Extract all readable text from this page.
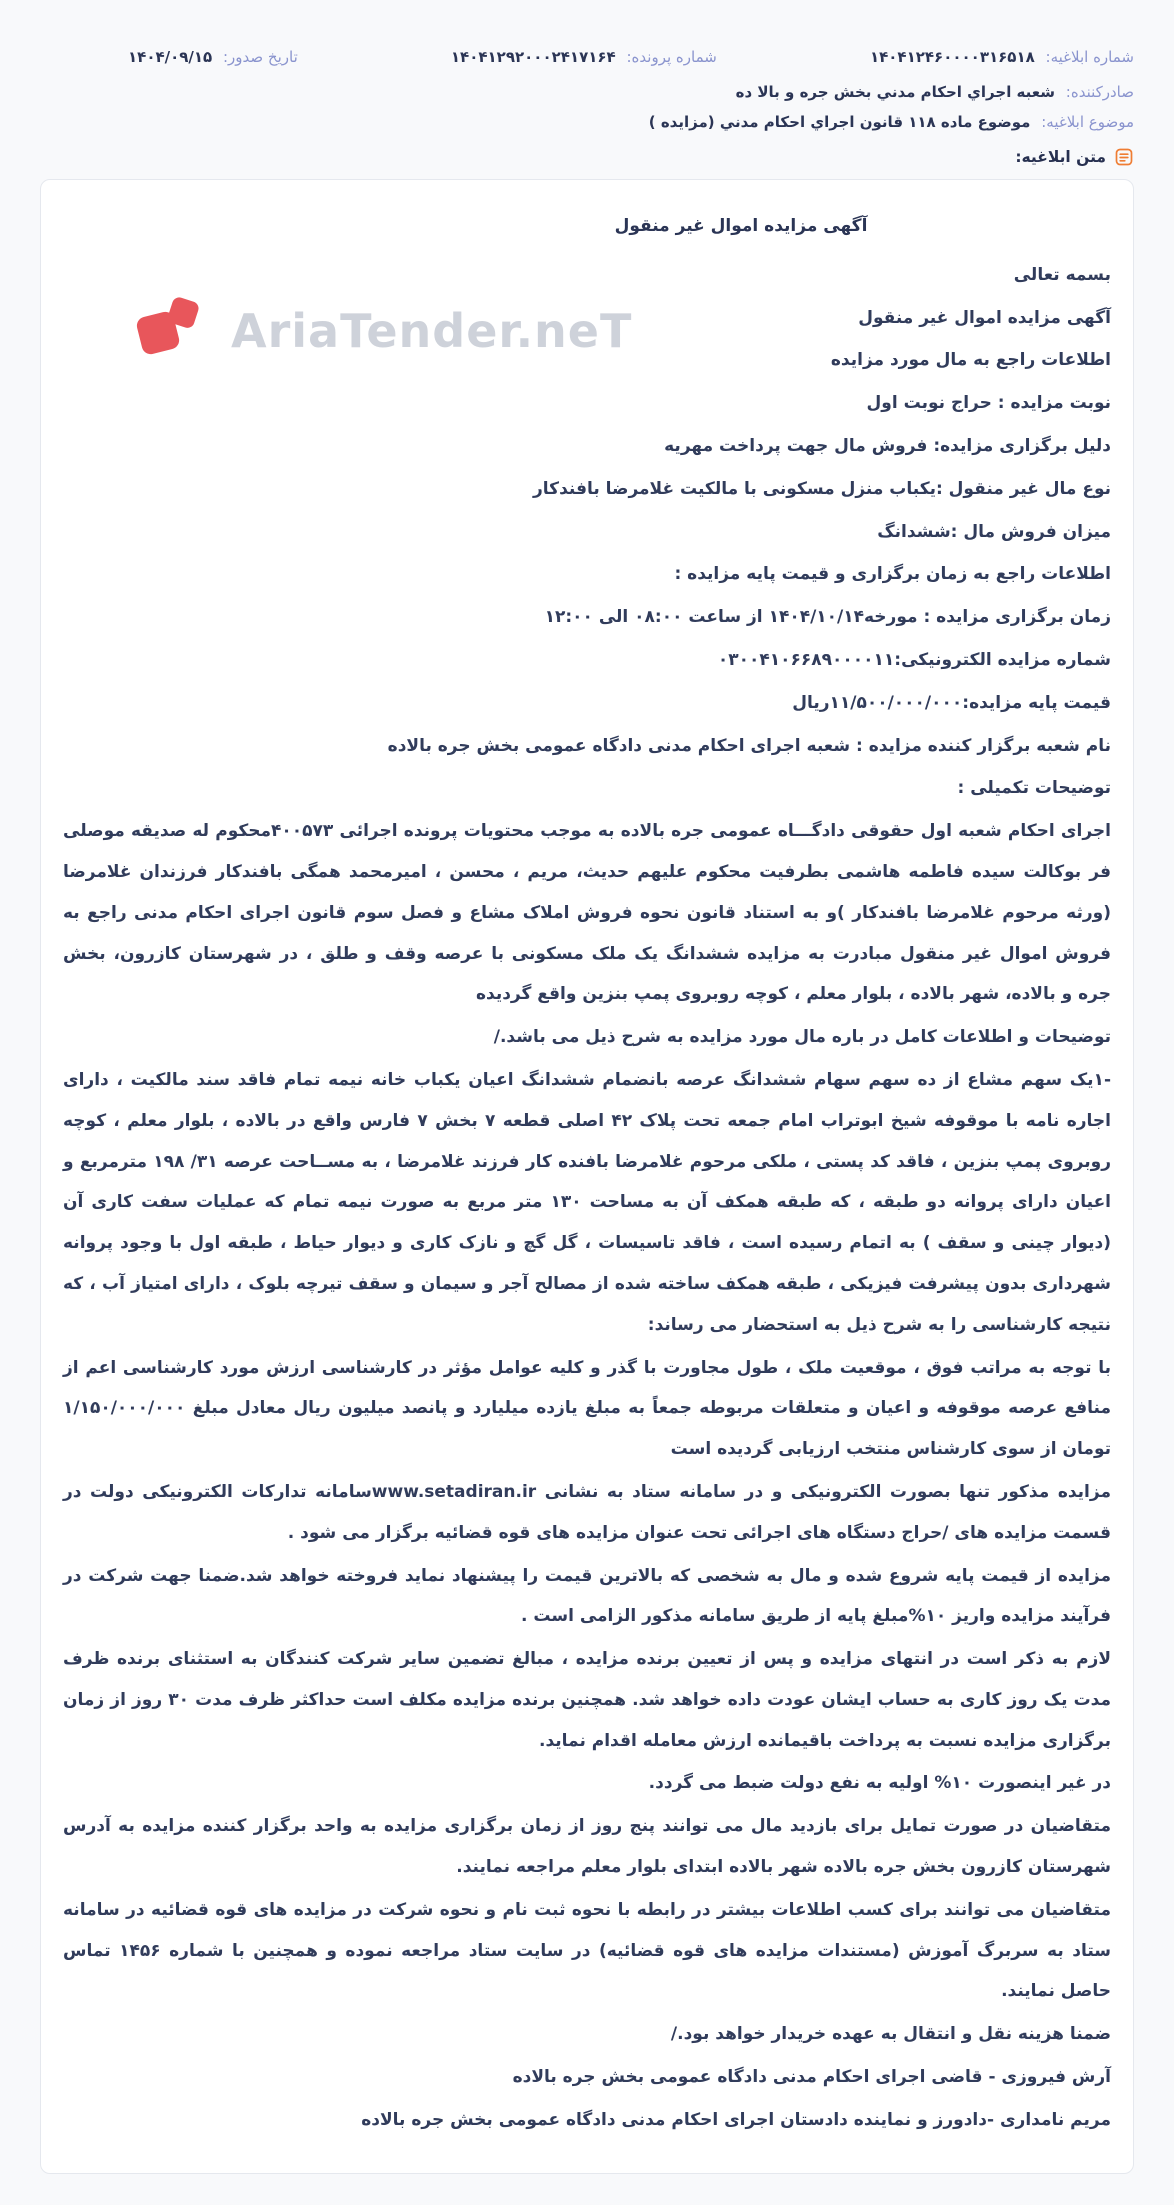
شماره ابلاغیه: ۱۴۰۴۱۲۴۶۰۰۰۰۳۱۶۵۱۸
شماره پرونده: ۱۴۰۴۱۲۹۲۰۰۰۲۴۱۷۱۶۴
تاریخ صدور: ۱۴۰۴/۰۹/۱۵
صادرکننده: شعبه اجراي احکام مدني بخش جره و بالا ده
موضوع ابلاغیه: موضوع ماده ۱۱۸ قانون اجراي احکام مدني (مزایده )
متن ابلاغیه:
AriaTender.neT

آگهی مزایده اموال غیر منقول

بسمه تعالی

آگهی مزایده اموال غیر منقول

اطلاعات راجع به مال مورد مزایده

نوبت مزایده : حراج نوبت اول

دلیل برگزاری مزایده: فروش مال جهت پرداخت مهریه

نوع مال غیر منقول :یکباب منزل مسکونی با مالکیت غلامرضا بافندکار

میزان فروش مال :ششدانگ

اطلاعات راجع به زمان برگزاری و قیمت پایه مزایده :

زمان برگزاری مزایده : مورخه۱۴۰۴/۱۰/۱۴ از ساعت ۰۸:۰۰ الی ۱۲:۰۰

شماره مزایده الکترونیکی:۰۳۰۰۴۱۰۶۶۸۹۰۰۰۰۱۱

قیمت پایه مزایده:۱۱/۵۰۰/۰۰۰/۰۰۰ریال

نام شعبه برگزار کننده مزایده : شعبه اجرای احکام مدنی دادگاه عمومی بخش جره بالاده

توضیحات تکمیلی :

اجرای احکام شعبه اول حقوقی دادگـــاه عمومی جره بالاده به موجب محتویات پرونده اجرائی ۴۰۰۵۷۳محکوم له صدیقه موصلی فر بوکالت سیده فاطمه هاشمی بطرفیت محکوم علیهم حدیث، مریم ، محسن ، امیرمحمد همگی بافندکار فرزندان غلامرضا (ورثه مرحوم غلامرضا بافندکار )و به استناد قانون نحوه فروش املاک مشاع و فصل سوم قانون اجرای احکام مدنی راجع به فروش اموال غیر منقول مبادرت به مزایده ششدانگ یک ملک مسکونی با عرصه وقف و طلق ، در شهرستان کازرون، بخش جره و بالاده، شهر بالاده ، بلوار معلم ، کوچه روبروی پمپ بنزین واقع گردیده

توضیحات و اطلاعات کامل در باره مال مورد مزایده به شرح ذیل می باشد./

-۱یک سهم مشاع از ده سهم سهام ششدانگ عرصه بانضمام ششدانگ اعیان یکباب خانه نیمه تمام فاقد سند مالکیت ، دارای اجاره نامه با موقوفه شیخ ابوتراب امام جمعه تحت پلاک ۴۲ اصلی قطعه ۷ بخش ۷ فارس واقع در بالاده ، بلوار معلم ، کوچه روبروی پمپ بنزین ، فاقد کد پستی ، ملکی مرحوم غلامرضا بافنده کار فرزند غلامرضا ، به مســاحت عرصه ۳۱/ ۱۹۸ مترمربع و اعیان دارای پروانه دو طبقه ، که طبقه همکف آن به مساحت ۱۳۰ متر مربع به صورت نیمه تمام که عملیات سفت کاری آن (دیوار چینی و سقف ) به اتمام رسیده است ، فاقد تاسیسات ، گل گچ و نازک کاری و دیوار حیاط ، طبقه اول با وجود پروانه شهرداری بدون پیشرفت فیزیکی ، طبقه همکف ساخته شده از مصالح آجر و سیمان و سقف تیرچه بلوک ، دارای امتیاز آب ، که نتیجه کارشناسی را به شرح ذیل به استحضار می رساند:

با توجه به مراتب فوق ، موقعیت ملک ، طول مجاورت با گذر و کلیه عوامل مؤثر در کارشناسی ارزش مورد کارشناسی اعم از منافع عرصه موقوفه و اعیان و متعلقات مربوطه جمعاً به مبلغ یازده میلیارد و پانصد میلیون ریال معادل مبلغ ۱/۱۵۰/۰۰۰/۰۰۰ تومان از سوی کارشناس منتخب ارزیابی گردیده است

مزایده مذکور تنها بصورت الکترونیکی و در سامانه ستاد به نشانی www.setadiran.irسامانه تدارکات الکترونیکی دولت در قسمت مزایده های /حراج دستگاه های اجرائی تحت عنوان مزایده های قوه قضائیه برگزار می شود .

مزایده از قیمت پایه شروع شده و مال به شخصی که بالاترین قیمت را پیشنهاد نماید فروخته خواهد شد.ضمنا جهت شرکت در فرآیند مزایده واریز ۱۰%مبلغ پایه از طریق سامانه مذکور الزامی است .

لازم به ذکر است در انتهای مزایده و پس از تعیین برنده مزایده ، مبالغ تضمین سایر شرکت کنندگان به استثنای برنده ظرف مدت یک روز کاری به حساب ایشان عودت داده خواهد شد. همچنین برنده مزایده مکلف است حداکثر ظرف مدت ۳۰ روز از زمان برگزاری مزایده نسبت به پرداخت باقیمانده ارزش معامله اقدام نماید.

در غیر اینصورت ۱۰% اولیه به نفع دولت ضبط می گردد.

متقاضیان در صورت تمایل برای بازدید مال می توانند پنج روز از زمان برگزاری مزایده به واحد برگزار کننده مزایده به آدرس شهرستان کازرون بخش جره بالاده شهر بالاده ابتدای بلوار معلم مراجعه نمایند.

متقاضیان می توانند برای کسب اطلاعات بیشتر در رابطه با نحوه ثبت نام و نحوه شرکت در مزایده های قوه قضائیه در سامانه ستاد به سربرگ آموزش (مستندات مزایده های قوه قضائیه) در سایت ستاد مراجعه نموده و همچنین با شماره ۱۴۵۶ تماس حاصل نمایند.

ضمنا هزینه نقل و انتقال به عهده خریدار خواهد بود./

آرش فیروزی - قاضی اجرای احکام مدنی دادگاه عمومی بخش جره بالاده

مریم نامداری -دادورز و نماینده دادستان اجرای احکام مدنی دادگاه عمومی بخش جره بالاده
